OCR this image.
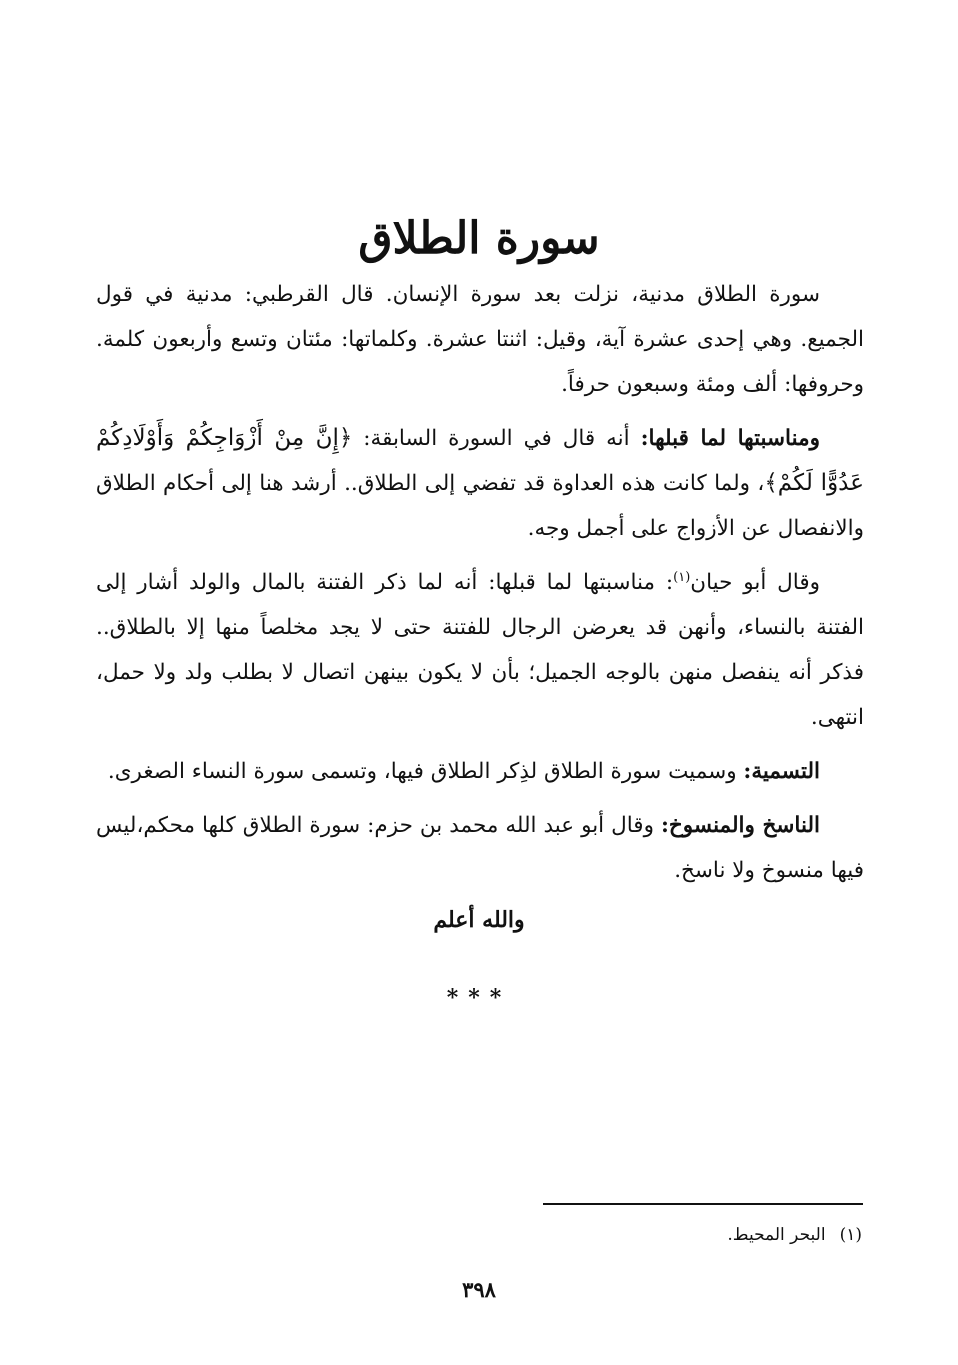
سورة الطلاق

سورة الطلاق مدنية، نزلت بعد سورة الإنسان. قال القرطبي: مدنية في قول الجميع. وهي إحدى عشرة آية، وقيل: اثنتا عشرة. وكلماتها: مئتان وتسع وأربعون كلمة. وحروفها: ألف ومئة وسبعون حرفاً.

ومناسبتها لما قبلها: أنه قال في السورة السابقة: ﴿إِنَّ مِنْ أَزْوَاجِكُمْ وَأَوْلَادِكُمْ عَدُوًّا لَكُمْ﴾، ولما كانت هذه العداوة قد تفضي إلى الطلاق.. أرشد هنا إلى أحكام الطلاق والانفصال عن الأزواج على أجمل وجه.

وقال أبو حيان$^{(١)}$: مناسبتها لما قبلها: أنه لما ذكر الفتنة بالمال والولد أشار إلى الفتنة بالنساء، وأنهن قد يعرضن الرجال للفتنة حتى لا يجد مخلصاً منها إلا بالطلاق.. فذكر أنه ينفصل منهن بالوجه الجميل؛ بأن لا يكون بينهن اتصال لا بطلب ولد ولا حمل، انتهى.

التسمية: وسميت سورة الطلاق لذِكر الطلاق فيها، وتسمى سورة النساء الصغرى.

الناسخ والمنسوخ: وقال أبو عبد الله محمد بن حزم: سورة الطلاق كلها محكم،ليس فيها منسوخ ولا ناسخ.

والله أعلم
***
(١)البحر المحيط.
٣٩٨
